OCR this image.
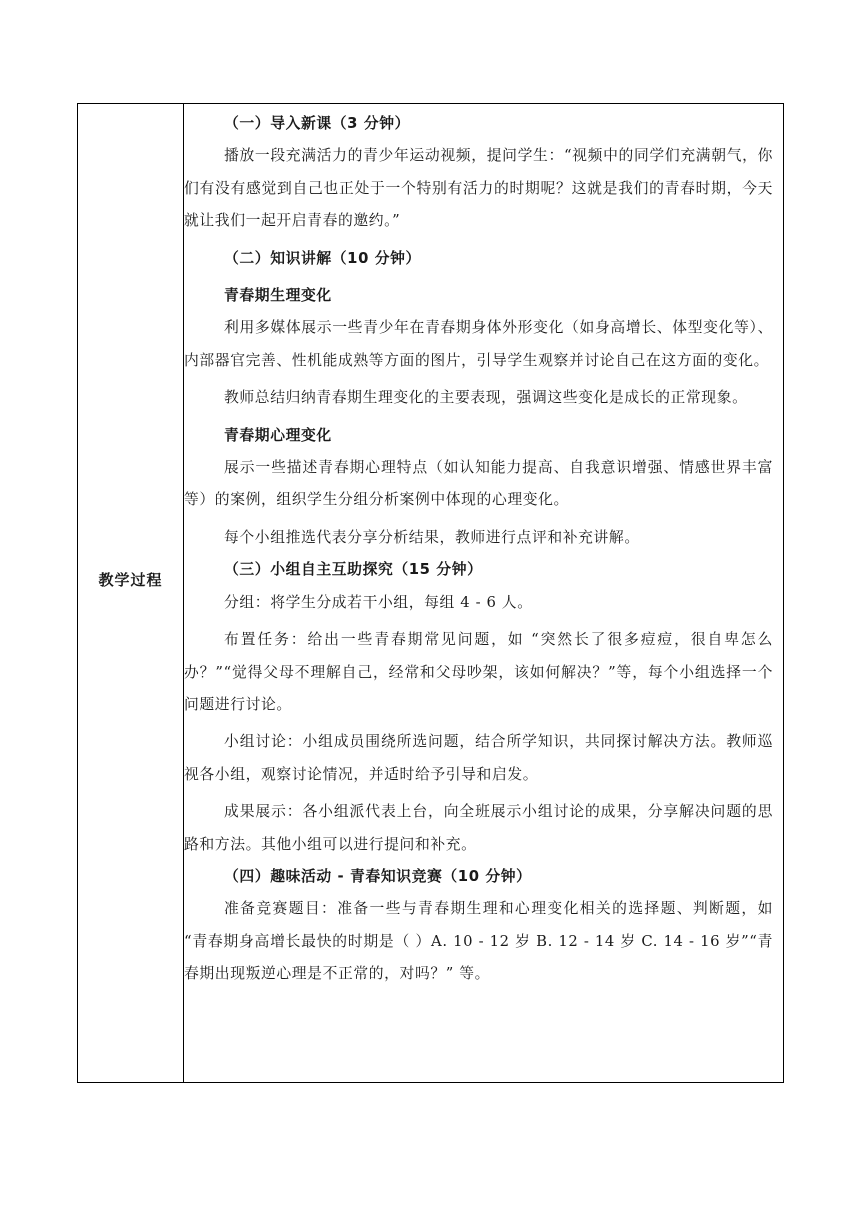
教学过程

（一）导入新课（3 分钟）

播放一段充满活力的青少年运动视频，提问学生：“视频中的同学们充满朝气，你们有没有感觉到自己也正处于一个特别有活力的时期呢？这就是我们的青春时期，今天就让我们一起开启青春的邀约。”

（二）知识讲解（10 分钟）

青春期生理变化

利用多媒体展示一些青少年在青春期身体外形变化（如身高增长、体型变化等）、内部器官完善、性机能成熟等方面的图片，引导学生观察并讨论自己在这方面的变化。

教师总结归纳青春期生理变化的主要表现，强调这些变化是成长的正常现象。

青春期心理变化

展示一些描述青春期心理特点（如认知能力提高、自我意识增强、情感世界丰富等）的案例，组织学生分组分析案例中体现的心理变化。

每个小组推选代表分享分析结果，教师进行点评和补充讲解。

（三）小组自主互助探究（15 分钟）

分组：将学生分成若干小组，每组 4 - 6 人。

布置任务：给出一些青春期常见问题，如 “突然长了很多痘痘，很自卑怎么办？”“觉得父母不理解自己，经常和父母吵架，该如何解决？”等，每个小组选择一个问题进行讨论。

小组讨论：小组成员围绕所选问题，结合所学知识，共同探讨解决方法。教师巡视各小组，观察讨论情况，并适时给予引导和启发。

成果展示：各小组派代表上台，向全班展示小组讨论的成果，分享解决问题的思路和方法。其他小组可以进行提问和补充。

（四）趣味活动 - 青春知识竞赛（10 分钟）

准备竞赛题目：准备一些与青春期生理和心理变化相关的选择题、判断题，如 “青春期身高增长最快的时期是（ ）A. 10 - 12 岁 B. 12 - 14 岁 C. 14 - 16 岁”“青春期出现叛逆心理是不正常的，对吗？” 等。
